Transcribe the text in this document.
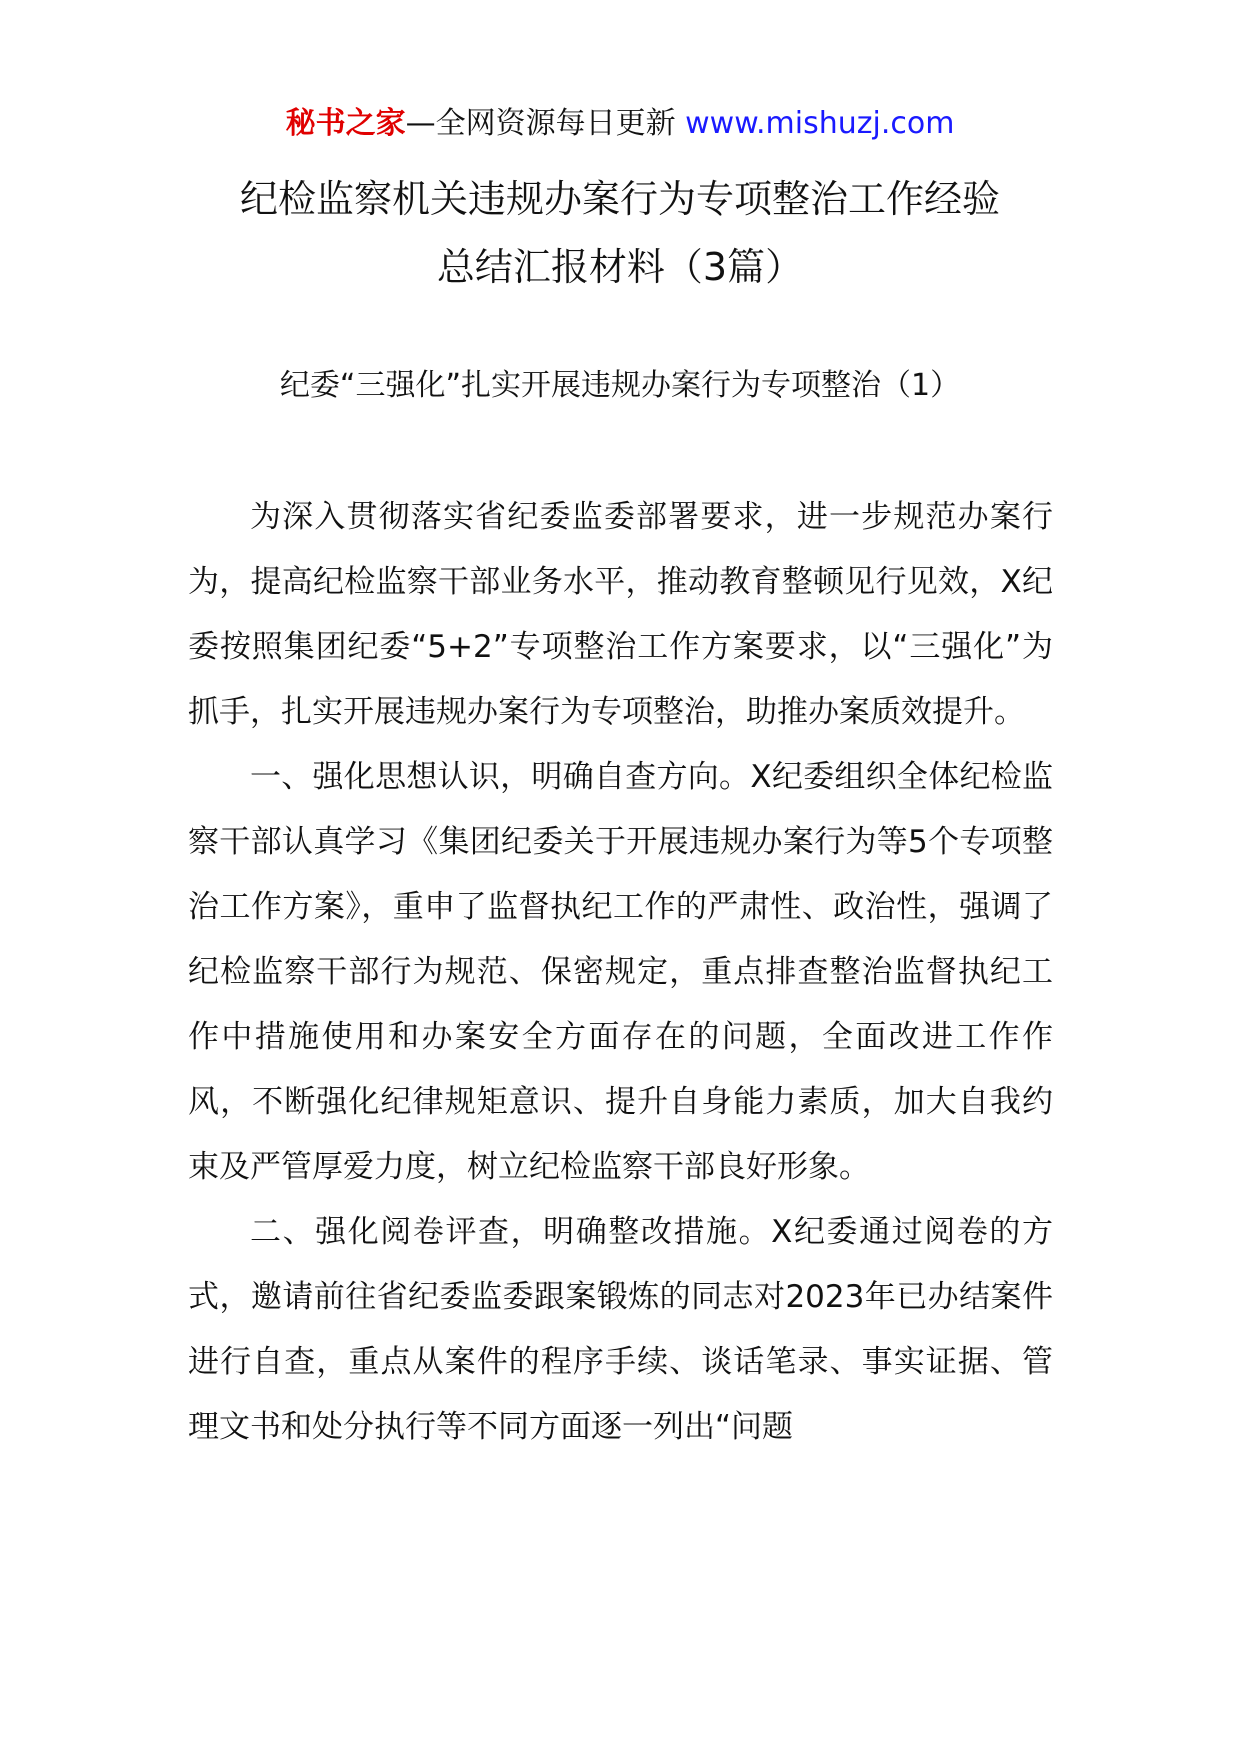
秘书之家—全网资源每日更新 www.mishuzj.com
纪检监察机关违规办案行为专项整治工作经验
总结汇报材料（3篇）
纪委“三强化”扎实开展违规办案行为专项整治（1）

为深入贯彻落实省纪委监委部署要求，进一步规范办案行为，提高纪检监察干部业务水平，推动教育整顿见行见效，X纪委按照集团纪委“5+2”专项整治工作方案要求，以“三强化”为抓手，扎实开展违规办案行为专项整治，助推办案质效提升。

一、强化思想认识，明确自查方向。X纪委组织全体纪检监察干部认真学习《集团纪委关于开展违规办案行为等5个专项整治工作方案》，重申了监督执纪工作的严肃性、政治性，强调了纪检监察干部行为规范、保密规定，重点排查整治监督执纪工作中措施使用和办案安全方面存在的问题，全面改进工作作风，不断强化纪律规矩意识、提升自身能力素质，加大自我约束及严管厚爱力度，树立纪检监察干部良好形象。

二、强化阅卷评查，明确整改措施。X纪委通过阅卷的方式，邀请前往省纪委监委跟案锻炼的同志对2023年已办结案件进行自查，重点从案件的程序手续、谈话笔录、事实证据、管理文书和处分执行等不同方面逐一列出“问题
